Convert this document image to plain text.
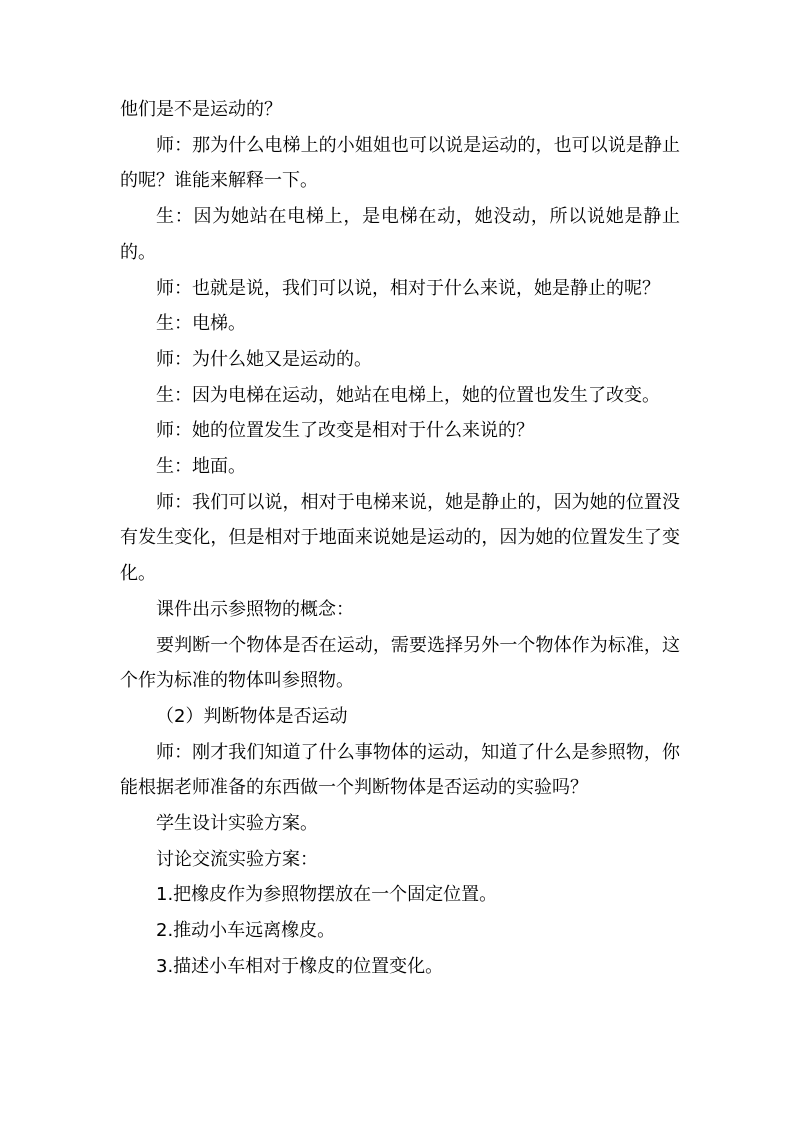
他们是不是运动的？

师：那为什么电梯上的小姐姐也可以说是运动的，也可以说是静止的呢？谁能来解释一下。

生：因为她站在电梯上，是电梯在动，她没动，所以说她是静止的。

师：也就是说，我们可以说，相对于什么来说，她是静止的呢？

生：电梯。

师：为什么她又是运动的。

生：因为电梯在运动，她站在电梯上，她的位置也发生了改变。

师：她的位置发生了改变是相对于什么来说的？

生：地面。

师：我们可以说，相对于电梯来说，她是静止的，因为她的位置没有发生变化，但是相对于地面来说她是运动的，因为她的位置发生了变化。

课件出示参照物的概念：

要判断一个物体是否在运动，需要选择另外一个物体作为标准，这个作为标准的物体叫参照物。

（2）判断物体是否运动

师：刚才我们知道了什么事物体的运动，知道了什么是参照物，你能根据老师准备的东西做一个判断物体是否运动的实验吗？

学生设计实验方案。

讨论交流实验方案：

1.把橡皮作为参照物摆放在一个固定位置。

2.推动小车远离橡皮。

3.描述小车相对于橡皮的位置变化。
